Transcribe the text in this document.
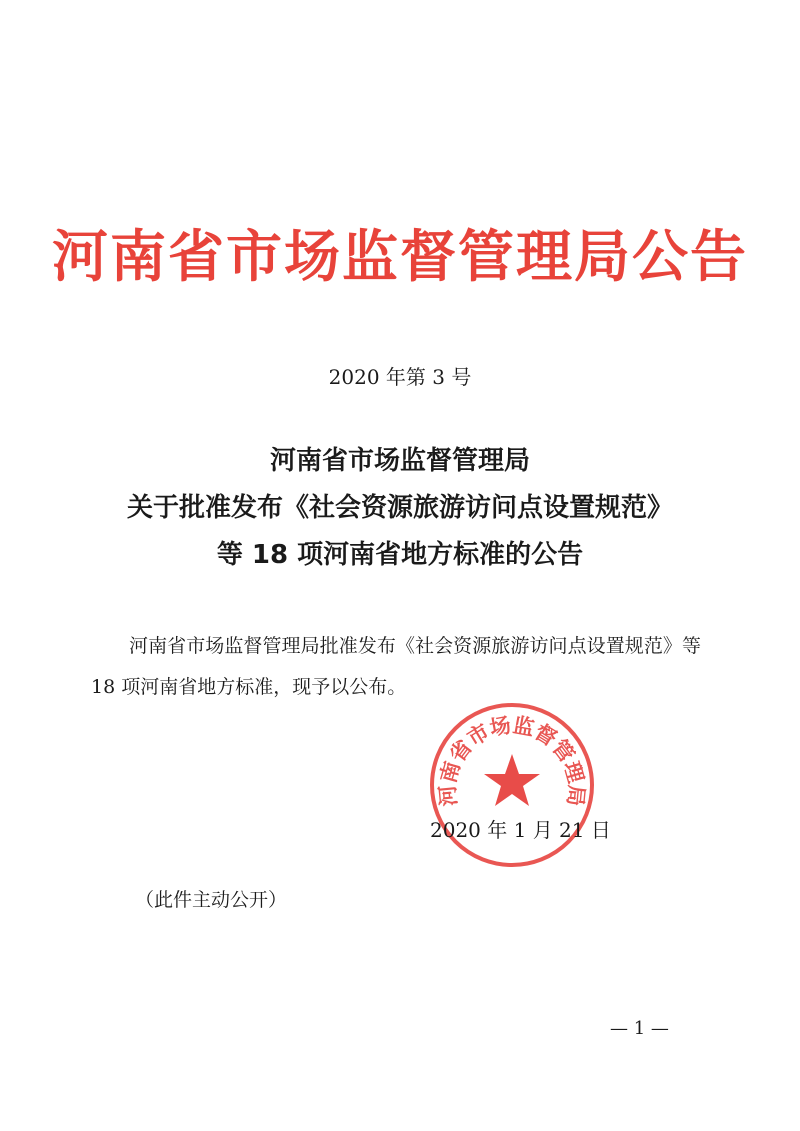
河南省市场监督管理局公告
2020 年第 3 号
河南省市场监督管理局
关于批准发布《社会资源旅游访问点设置规范》
等 18 项河南省地方标准的公告
河南省市场监督管理局批准发布《社会资源旅游访问点设置规范》等 18 项河南省地方标准，现予以公布。
河南省市场监督管理局
2020 年 1 月 21 日
（此件主动公开）
— 1 —
